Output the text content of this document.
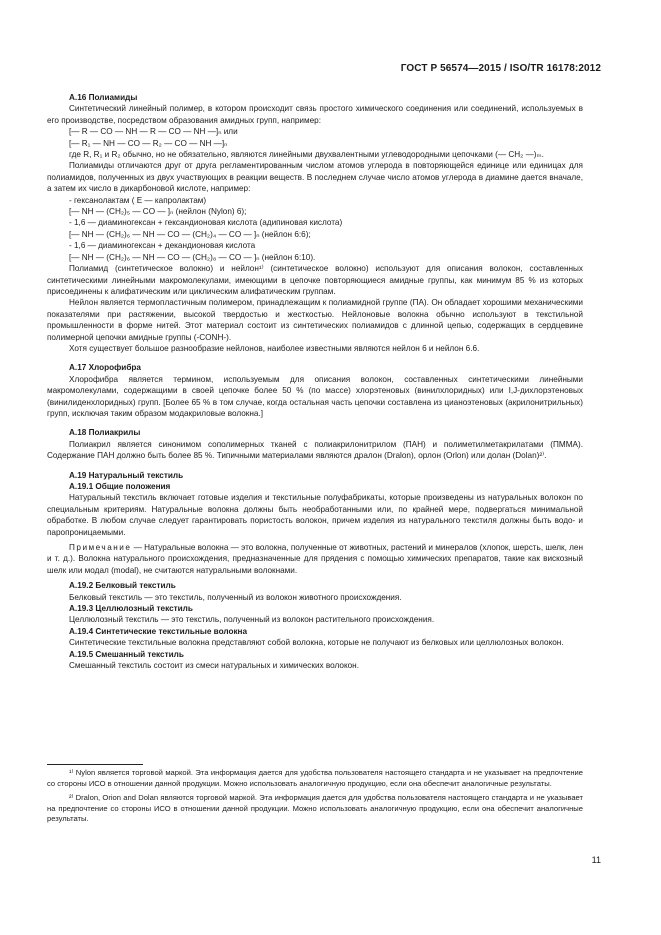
ГОСТ Р 56574—2015 / ISO/TR 16178:2012

А.16 Полиамиды

Синтетический линейный полимер, в котором происходит связь простого химического соединения или соединений, используемых в его производстве, посредством образования амидных групп, например:

[— R — CO — NH — R — CO — NH —]ₙ или

[— R₁ — NH — CO — R₂ — CO — NH —]ₙ

где R, R₁ и R₂ обычно, но не обязательно, являются линейными двухвалентными углеводородными цепочками (— CH₂ —)ₘ.

Полиамиды отличаются друг от друга регламентированным числом атомов углерода в повторяющейся единице или единицах для полиамидов, полученных из двух участвующих в реакции веществ. В последнем случае число атомов углерода в диамине дается вначале, а затем их число в дикарбоновой кислоте, например:

- гексанолактам ( Е — капролактам)

[— NH — (CH₂)₅ — CO — ]ₙ (нейлон (Nylon) 6);

- 1,6 — диаминогексан + гександионовая кислота (адипиновая кислота)

[— NH — (CH₂)₆ — NH — CO — (CH₂)₄ — CO — ]ₙ (нейлон 6:6);

- 1,6 — диаминогексан + декандионовая кислота

[— NH — (CH₂)₆ — NH — CO — (CH₂)₈ — CO — ]ₙ (нейлон 6:10).

Полиамид (синтетическое волокно) и нейлон¹⁾ (синтетическое волокно) используют для описания волокон, составленных синтетическими линейными макромолекулами, имеющими в цепочке повторяющиеся амидные группы, как минимум 85 % из которых присоединены к алифатическим или циклическим алифатическим группам.

Нейлон является термопластичным полимером, принадлежащим к полиамидной группе (ПА). Он обладает хорошими механическими показателями при растяжении, высокой твердостью и жесткостью. Нейлоновые волокна обычно используют в текстильной промышленности в форме нитей. Этот материал состоит из синтетических полиамидов с длинной цепью, содержащих в сердцевине полимерной цепочки амидные группы (-CONH-).

Хотя существует большое разнообразие нейлонов, наиболее известными являются нейлон 6 и нейлон 6.6.

А.17 Хлорофибра

Хлорофибра является термином, используемым для описания волокон, составленных синтетическими линейными макромолекулами, содержащими в своей цепочке более 50 % (по массе) хлорэтеновых (винилхлоридных) или I,J-дихлорэтеновых (винилиденхлоридных) групп. [Более 65 % в том случае, когда остальная часть цепочки составлена из цианоэтеновых (акрилонитрильных) групп, исключая таким образом модакриловые волокна.]

А.18 Полиакрилы

Полиакрил является синонимом сополимерных тканей с полиакрилонитрилом (ПАН) и полиметилметакрилатами (ПММА). Содержание ПАН должно быть более 85 %. Типичными материалами являются дралон (Dralon), орлон (Orlon) или долан (Dolan)²⁾.

А.19 Натуральный текстиль

А.19.1 Общие положения

Натуральный текстиль включает готовые изделия и текстильные полуфабрикаты, которые произведены из натуральных волокон по специальным критериям. Натуральные волокна должны быть необработанными или, по крайней мере, подвергаться минимальной обработке. В любом случае следует гарантировать пористость волокон, причем изделия из натурального текстиля должны быть водо- и паропроницаемыми.

Примечание — Натуральные волокна — это волокна, полученные от животных, растений и минералов (хлопок, шерсть, шелк, лен и т. д.). Волокна натурального происхождения, предназначенные для прядения с помощью химических препаратов, такие как вискозный шелк или модал (modal), не считаются натуральными волокнами.

А.19.2 Белковый текстиль

Белковый текстиль — это текстиль, полученный из волокон животного происхождения.

А.19.3 Целлюлозный текстиль

Целлюлозный текстиль — это текстиль, полученный из волокон растительного происхождения.

А.19.4 Синтетические текстильные волокна

Синтетические текстильные волокна представляют собой волокна, которые не получают из белковых или целлюлозных волокон.

А.19.5 Смешанный текстиль

Смешанный текстиль состоит из смеси натуральных и химических волокон.

¹⁾ Nylon является торговой маркой. Эта информация дается для удобства пользователя настоящего стандарта и не указывает на предпочтение со стороны ИСО в отношении данной продукции. Можно использовать аналогичную продукцию, если она обеспечит аналогичные результаты.

²⁾ Dralon, Orion and Dolan являются торговой маркой. Эта информация дается для удобства пользователя настоящего стандарта и не указывает на предпочтение со стороны ИСО в отношении данной продукции. Можно использовать аналогичную продукцию, если она обеспечит аналогичные результаты.

11
